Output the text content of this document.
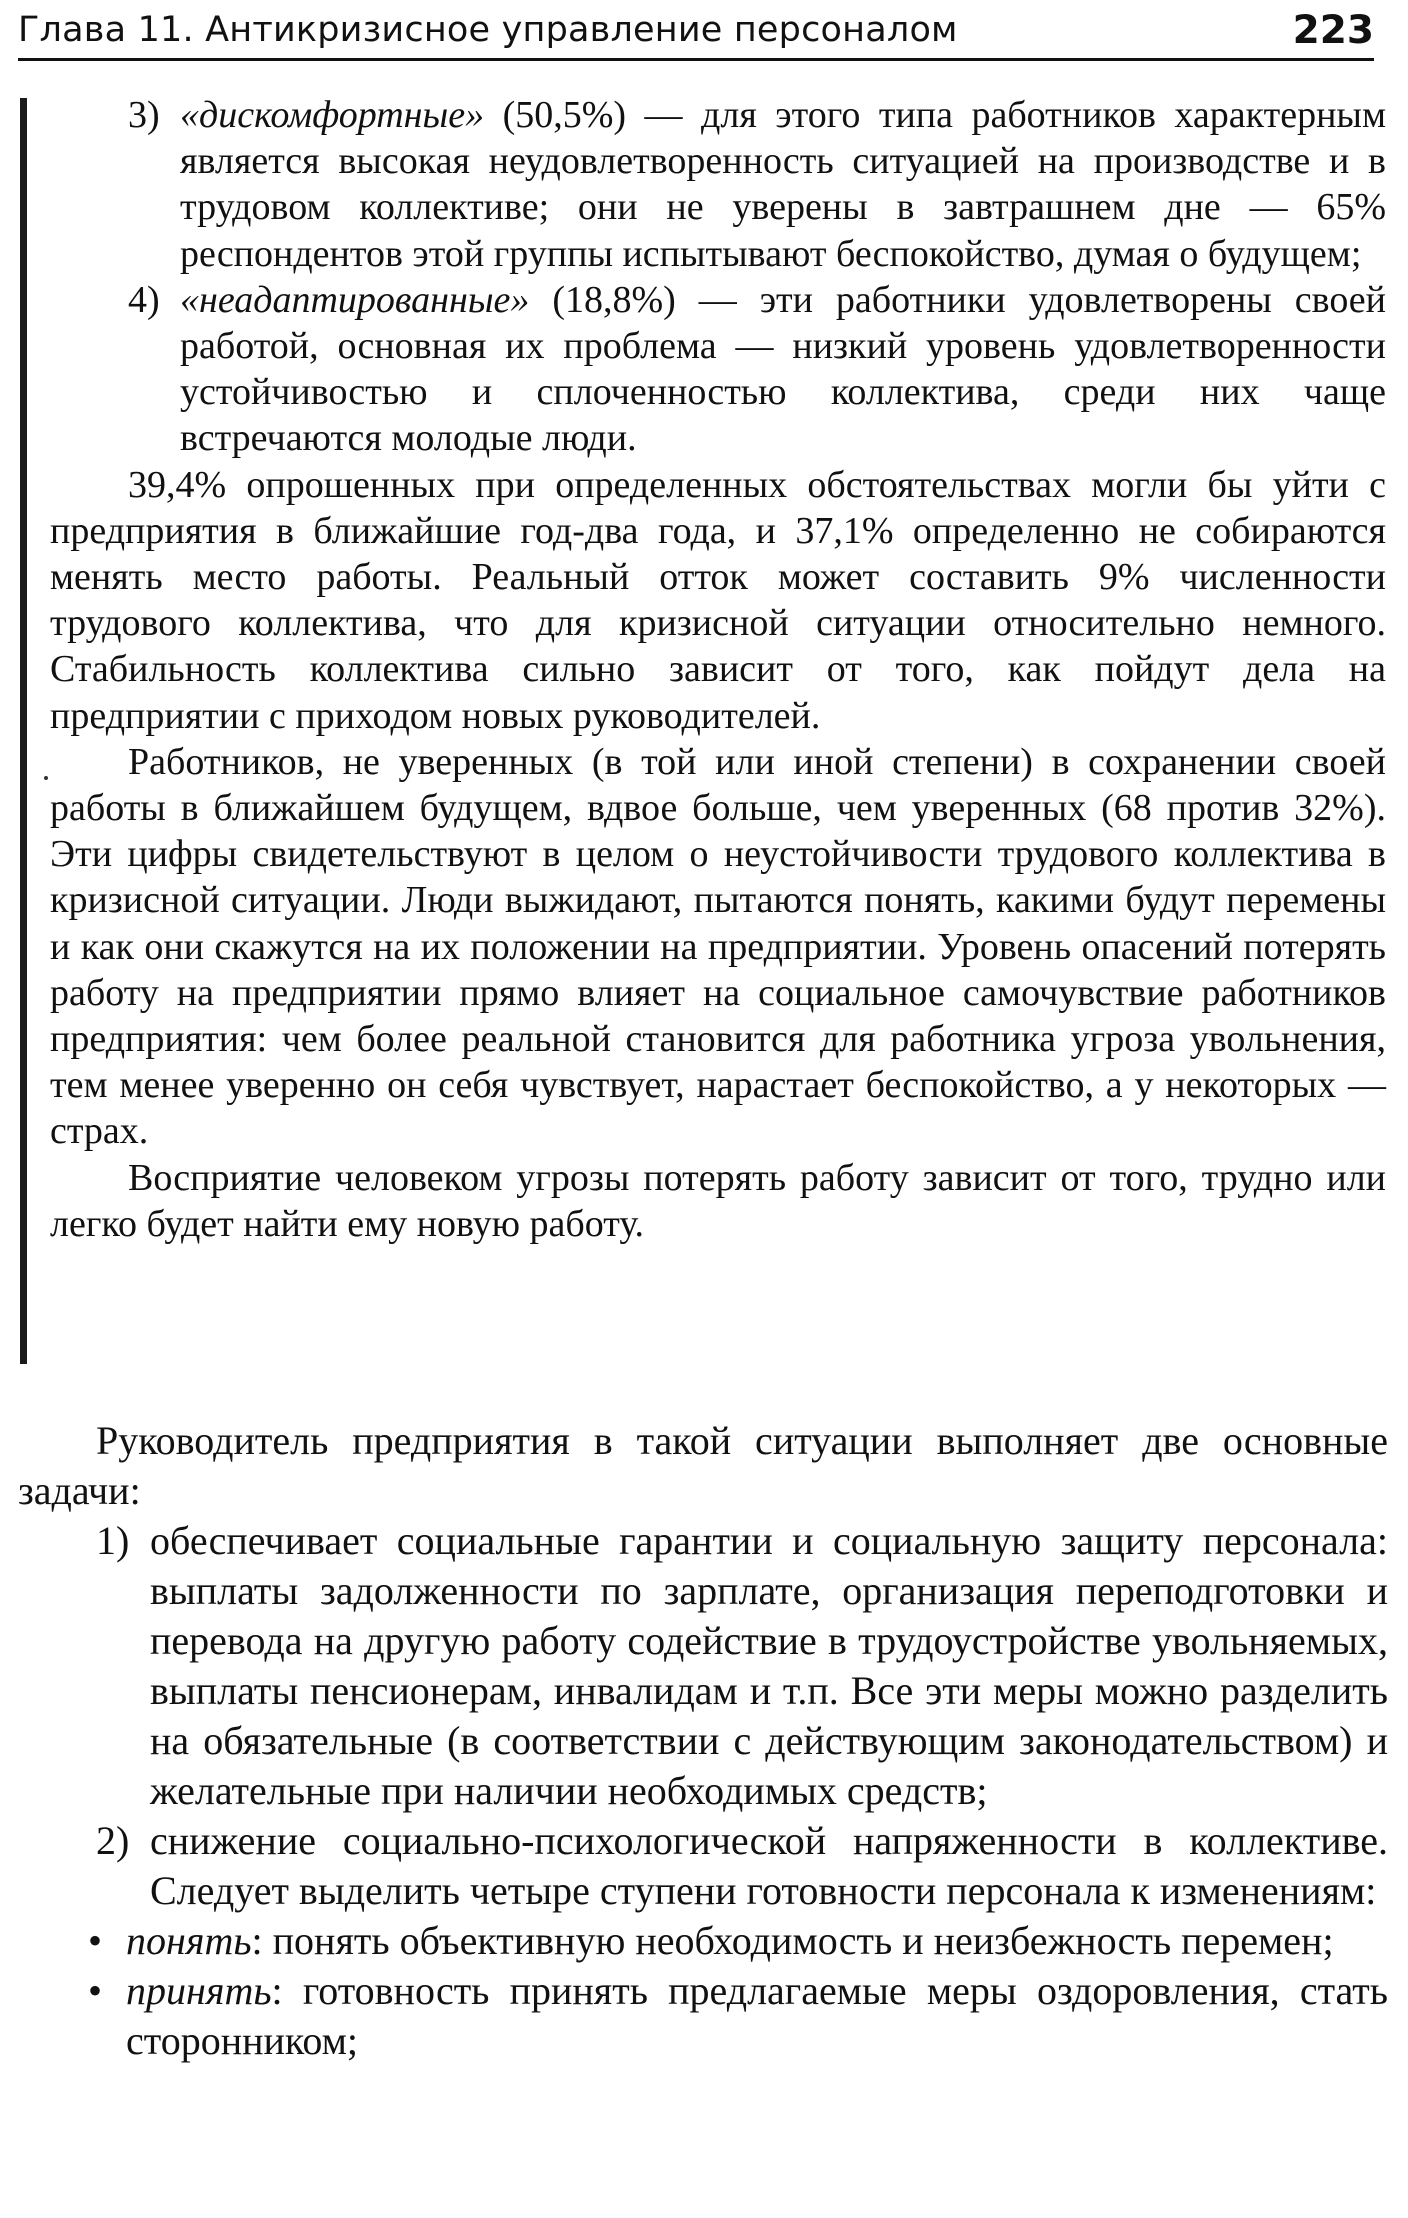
Глава 11. Антикризисное управление персоналом	223
3) «дискомфортные» (50,5%) — для этого типа работников характерным является высокая неудовлетворенность ситуацией на производстве и в трудовом коллективе; они не уверены в завтрашнем дне — 65% респондентов этой группы испытывают беспокойство, думая о будущем;
4) «неадаптированные» (18,8%) — эти работники удовлетворены своей работой, основная их проблема — низкий уровень удовлетворенности устойчивостью и сплоченностью коллектива, среди них чаще встречаются молодые люди.

39,4% опрошенных при определенных обстоятельствах могли бы уйти с предприятия в ближайшие год-два года, и 37,1% определенно не собираются менять место работы. Реальный отток может составить 9% численности трудового коллектива, что для кризисной ситуации относительно немного. Стабильность коллектива сильно зависит от того, как пойдут дела на предприятии с приходом новых руководителей.

Работников, не уверенных (в той или иной степени) в сохранении своей работы в ближайшем будущем, вдвое больше, чем уверенных (68 против 32%). Эти цифры свидетельствуют в целом о неустойчивости трудового коллектива в кризисной ситуации. Люди выжидают, пытаются понять, какими будут перемены и как они скажутся на их положении на предприятии. Уровень опасений потерять работу на предприятии прямо влияет на социальное самочувствие работников предприятия: чем более реальной становится для работника угроза увольнения, тем менее уверенно он себя чувствует, нарастает беспокойство, а у некоторых — страх.

Восприятие человеком угрозы потерять работу зависит от того, трудно или легко будет найти ему новую работу.

Руководитель предприятия в такой ситуации выполняет две основные задачи:

1) обеспечивает социальные гарантии и социальную защиту персонала: выплаты задолженности по зарплате, организация переподготовки и перевода на другую работу содействие в трудоустройстве увольняемых, выплаты пенсионерам, инвалидам и т.п. Все эти меры можно разделить на обязательные (в соответствии с действующим законодательством) и желательные при наличии необходимых средств;
2) снижение социально-психологической напряженности в коллективе. Следует выделить четыре ступени готовности персонала к изменениям:
• понять: понять объективную необходимость и неизбежность перемен;
• принять: готовность принять предлагаемые меры оздоровления, стать сторонником;
